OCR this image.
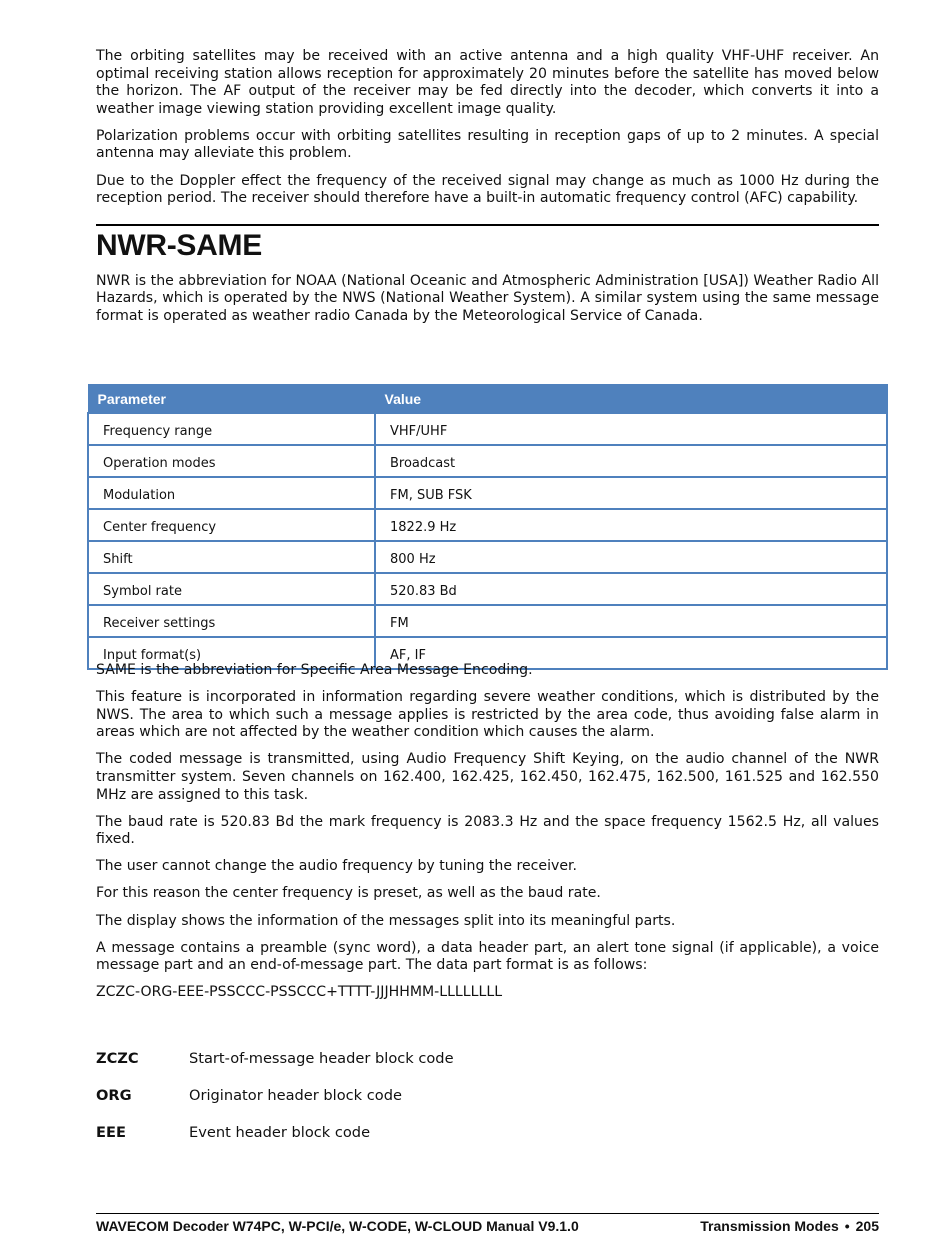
The orbiting satellites may be received with an active antenna and a high quality VHF-UHF receiver. An optimal receiving station allows reception for approximately 20 minutes before the satellite has moved below the horizon. The AF output of the receiver may be fed directly into the decoder, which converts it into a weather image viewing station providing excellent image quality.

Polarization problems occur with orbiting satellites resulting in reception gaps of up to 2 minutes. A special antenna may alleviate this problem.

Due to the Doppler effect the frequency of the received signal may change as much as 1000 Hz during the reception period. The receiver should therefore have a built-in automatic frequency control (AFC) capability.

NWR-SAME

NWR is the abbreviation for NOAA (National Oceanic and Atmospheric Administration [USA]) Weather Radio All Hazards, which is operated by the NWS (National Weather System). A similar system using the same message format is operated as weather radio Canada by the Meteorological Service of Canada.

Parameter	Value
Frequency range	VHF/UHF
Operation modes	Broadcast
Modulation	FM, SUB FSK
Center frequency	1822.9 Hz
Shift	800 Hz
Symbol rate	520.83 Bd
Receiver settings	FM
Input format(s)	AF, IF

SAME is the abbreviation for Specific Area Message Encoding.

This feature is incorporated in information regarding severe weather conditions, which is distributed by the NWS. The area to which such a message applies is restricted by the area code, thus avoiding false alarm in areas which are not affected by the weather condition which causes the alarm.

The coded message is transmitted, using Audio Frequency Shift Keying, on the audio channel of the NWR transmitter system. Seven channels on 162.400, 162.425, 162.450, 162.475, 162.500, 161.525 and 162.550 MHz are assigned to this task.

The baud rate is 520.83 Bd the mark frequency is 2083.3 Hz and the space frequency 1562.5 Hz, all values fixed.

The user cannot change the audio frequency by tuning the receiver.

For this reason the center frequency is preset, as well as the baud rate.

The display shows the information of the messages split into its meaningful parts.

A message contains a preamble (sync word), a data header part, an alert tone signal (if applicable), a voice message part and an end-of-message part. The data part format is as follows:

ZCZC-ORG-EEE-PSSCCC-PSSCCC+TTTT-JJJHHMM-LLLLLLLL

ZCZC	Start-of-message header block code
ORG	Originator header block code
EEE	Event header block code
WAVECOM Decoder W74PC, W-PCI/e, W-CODE, W-CLOUD Manual V9.1.0	Transmission Modes • 205
